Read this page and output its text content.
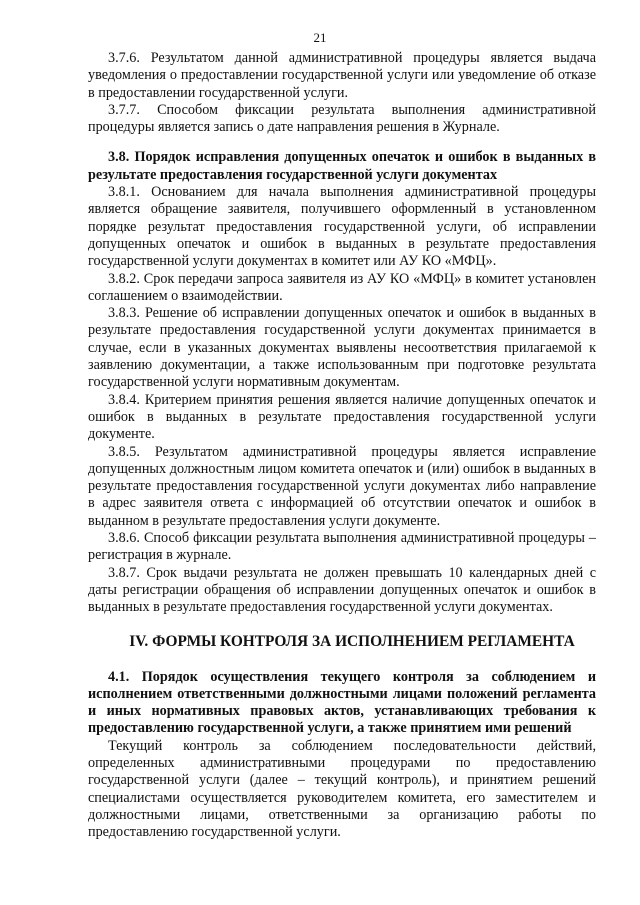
21

3.7.6. Результатом данной административной процедуры является выдача уведомления о предоставлении государственной услуги или уведомление об отказе в предоставлении государственной услуги.

3.7.7. Способом фиксации результата выполнения административной процедуры является запись о дате направления решения в Журнале.

3.8. Порядок исправления допущенных опечаток и ошибок в выданных в результате предоставления государственной услуги документах

3.8.1. Основанием для начала выполнения административной процедуры является обращение заявителя, получившего оформленный в установленном порядке результат предоставления государственной услуги, об исправлении допущенных опечаток и ошибок в выданных в результате предоставления государственной услуги документах в комитет или АУ КО «МФЦ».

3.8.2. Срок передачи запроса заявителя из АУ КО «МФЦ» в комитет установлен соглашением о взаимодействии.

3.8.3. Решение об исправлении допущенных опечаток и ошибок в выданных в результате предоставления государственной услуги документах принимается в случае, если в указанных документах выявлены несоответствия прилагаемой к заявлению документации, а также использованным при подготовке результата государственной услуги нормативным документам.

3.8.4. Критерием принятия решения является наличие допущенных опечаток и ошибок в выданных в результате предоставления государственной услуги документе.

3.8.5. Результатом административной процедуры является исправление допущенных должностным лицом комитета опечаток и (или) ошибок в выданных в результате предоставления государственной услуги документах либо направление в адрес заявителя ответа с информацией об отсутствии опечаток и ошибок в выданном в результате предоставления услуги документе.

3.8.6. Способ фиксации результата выполнения административной процедуры – регистрация в журнале.

3.8.7. Срок выдачи результата не должен превышать 10 календарных дней с даты регистрации обращения об исправлении допущенных опечаток и ошибок в выданных в результате предоставления государственной услуги документах.

IV. ФОРМЫ КОНТРОЛЯ ЗА ИСПОЛНЕНИЕМ РЕГЛАМЕНТА

4.1. Порядок осуществления текущего контроля за соблюдением и исполнением ответственными должностными лицами положений регламента и иных нормативных правовых актов, устанавливающих требования к предоставлению государственной услуги, а также принятием ими решений

Текущий контроль за соблюдением последовательности действий, определенных административными процедурами по предоставлению государственной услуги (далее – текущий контроль), и принятием решений специалистами осуществляется руководителем комитета, его заместителем и должностными лицами, ответственными за организацию работы по предоставлению государственной услуги.
